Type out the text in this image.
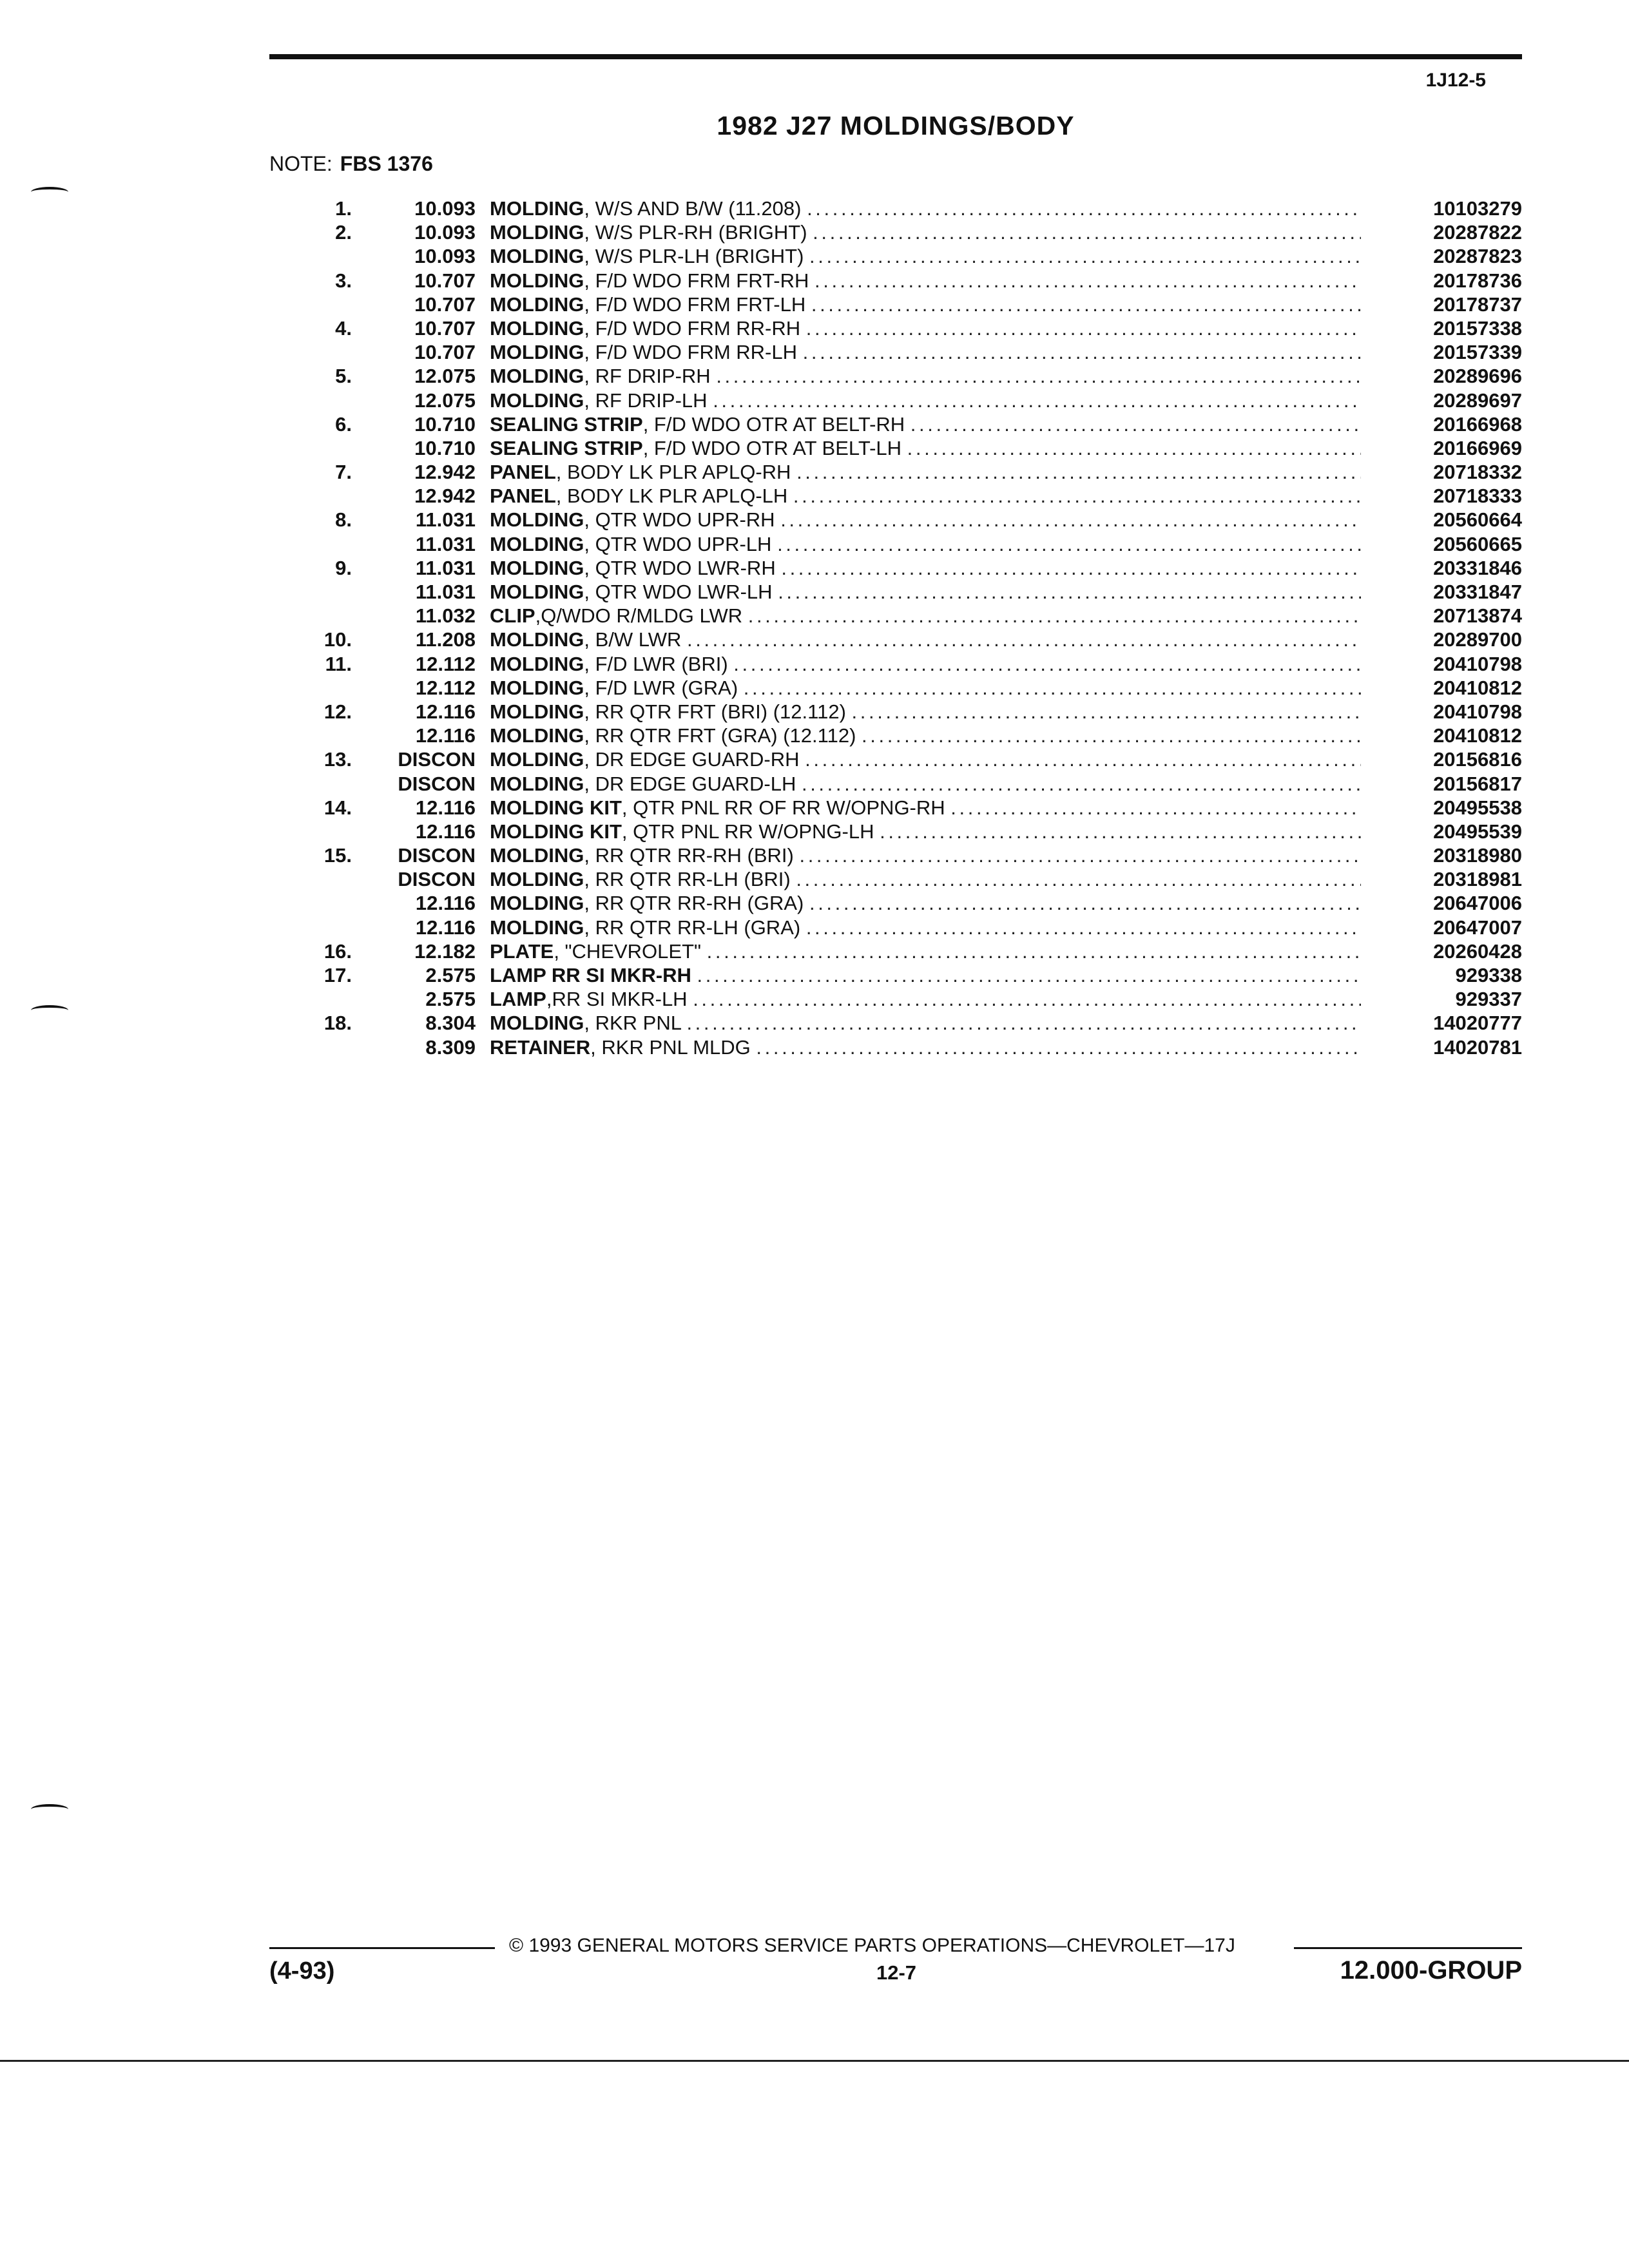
1J12-5
1982 J27 MOLDINGS/BODY
NOTE: FBS 1376
1.	10.093 MOLDING, W/S AND B/W (11.208) . . .	10103279
2.	10.093 MOLDING, W/S PLR-RH (BRIGHT) . . .	20287822
10.093 MOLDING, W/S PLR-LH (BRIGHT) . . .	20287823
3.	10.707 MOLDING, F/D WDO FRM FRT-RH . . .	20178736
10.707 MOLDING, F/D WDO FRM FRT-LH . . .	20178737
4.	10.707 MOLDING, F/D WDO FRM RR-RH . . .	20157338
10.707 MOLDING, F/D WDO FRM RR-LH . . .	20157339
5.	12.075 MOLDING, RF DRIP-RH . . .	20289696
12.075 MOLDING, RF DRIP-LH . . .	20289697
6.	10.710 SEALING STRIP, F/D WDO OTR AT BELT-RH . . .	20166968
10.710 SEALING STRIP, F/D WDO OTR AT BELT-LH . . .	20166969
7.	12.942 PANEL, BODY LK PLR APLQ-RH . . .	20718332
12.942 PANEL, BODY LK PLR APLQ-LH . . .	20718333
8.	11.031 MOLDING, QTR WDO UPR-RH . . .	20560664
11.031 MOLDING, QTR WDO UPR-LH . . .	20560665
9.	11.031 MOLDING, QTR WDO LWR-RH . . .	20331846
11.031 MOLDING, QTR WDO LWR-LH . . .	20331847
11.032 CLIP,Q/WDO R/MLDG LWR . . .	20713874
10.	11.208 MOLDING, B/W LWR . . .	20289700
11.	12.112 MOLDING, F/D LWR (BRI) . . .	20410798
12.112 MOLDING, F/D LWR (GRA) . . .	20410812
12.	12.116 MOLDING, RR QTR FRT (BRI) (12.112) . . .	20410798
12.116 MOLDING, RR QTR FRT (GRA) (12.112) . . .	20410812
13.	DISCON MOLDING, DR EDGE GUARD-RH . . .	20156816
DISCON MOLDING, DR EDGE GUARD-LH . . .	20156817
14.	12.116 MOLDING KIT, QTR PNL RR OF RR W/OPNG-RH . . .	20495538
12.116 MOLDING KIT, QTR PNL RR W/OPNG-LH . . .	20495539
15.	DISCON MOLDING, RR QTR RR-RH (BRI) . . .	20318980
DISCON MOLDING, RR QTR RR-LH (BRI) . . .	20318981
12.116 MOLDING, RR QTR RR-RH (GRA) . . .	20647006
12.116 MOLDING, RR QTR RR-LH (GRA) . . .	20647007
16.	12.182 PLATE, "CHEVROLET" . . .	20260428
17.	2.575 LAMP RR SI MKR-RH . . .	929338
2.575 LAMP,RR SI MKR-LH . . .	929337
18.	8.304 MOLDING, RKR PNL . . .	14020777
8.309 RETAINER, RKR PNL MLDG . . .	14020781
© 1993 GENERAL MOTORS SERVICE PARTS OPERATIONS—CHEVROLET—17J
(4-93)	12-7	12.000-GROUP
